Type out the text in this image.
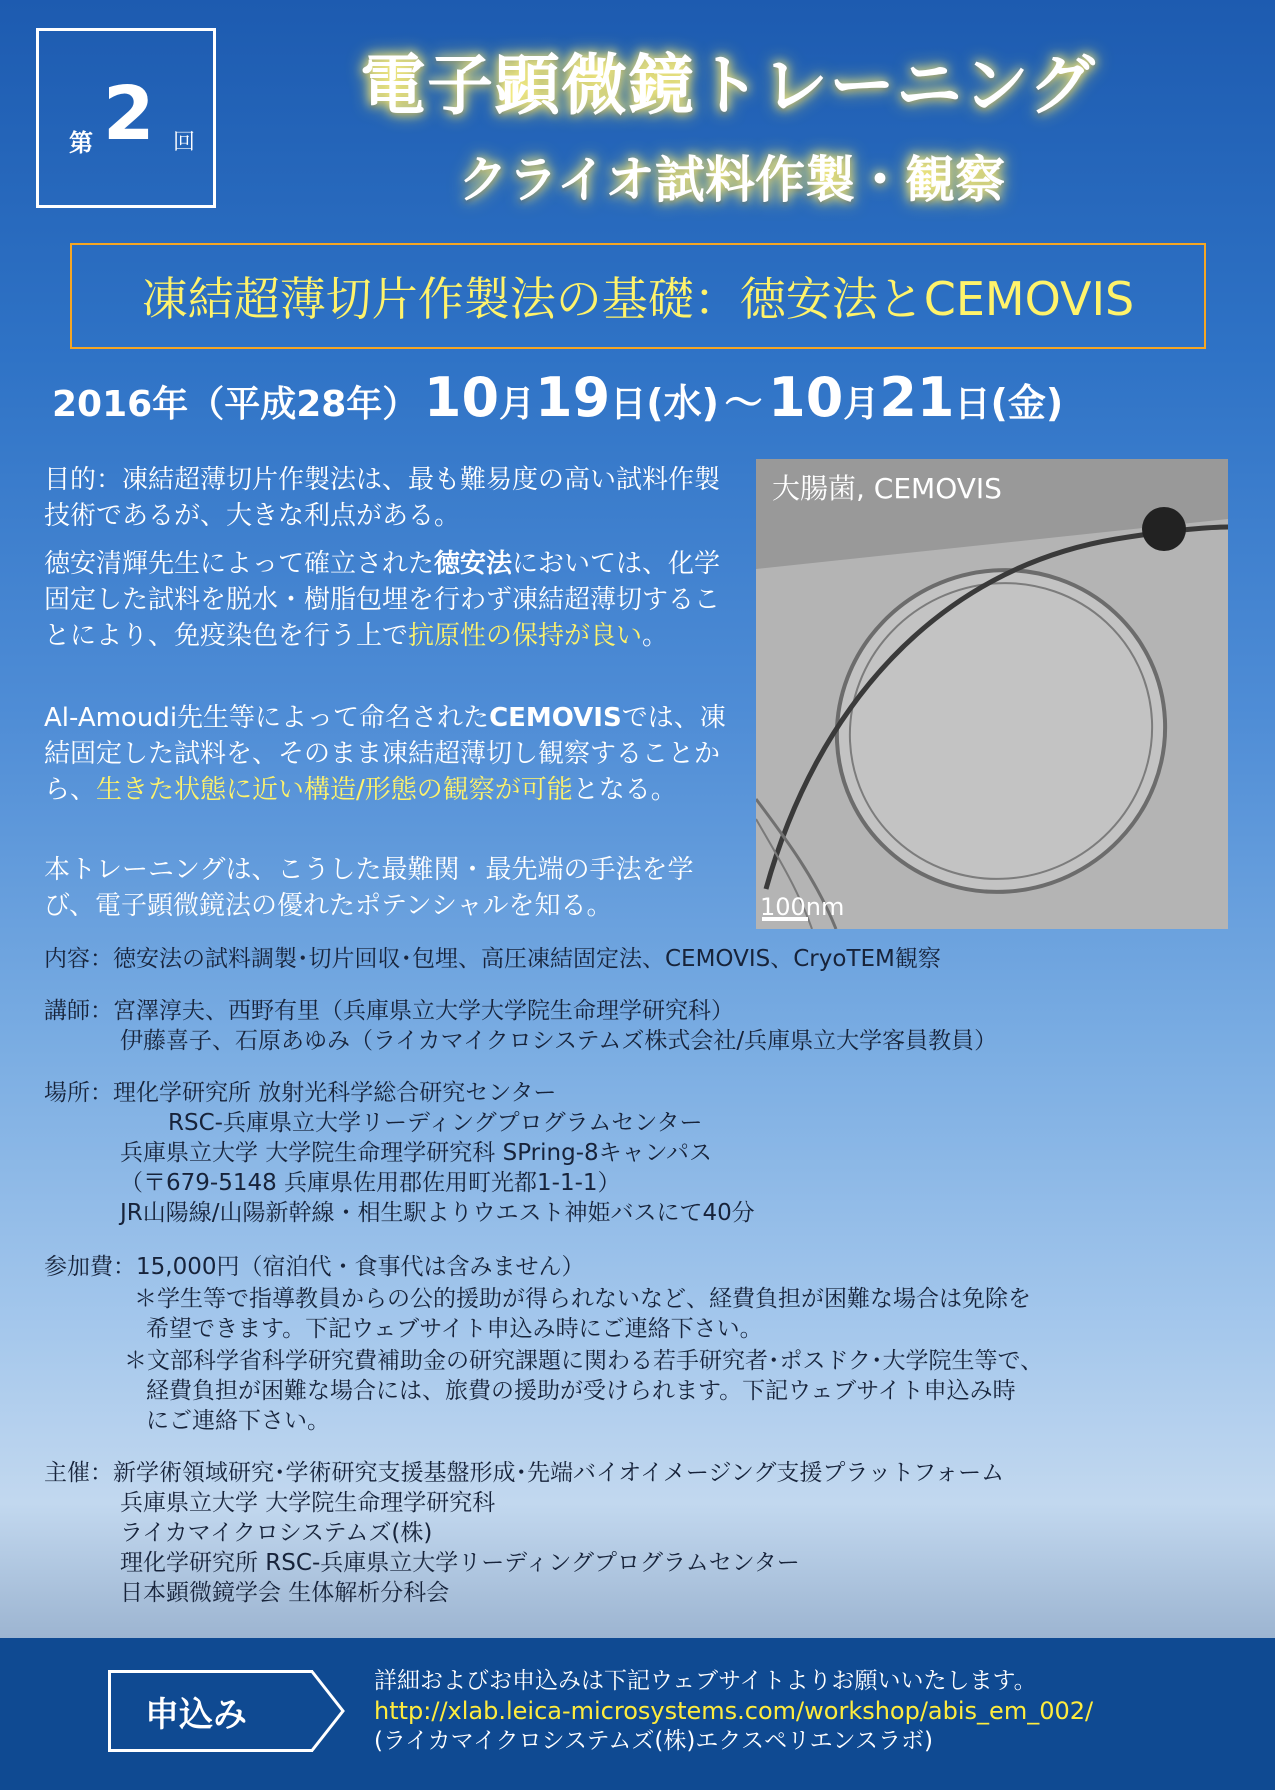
第 2 回
電子顕微鏡トレーニング
クライオ試料作製・観察
凍結超薄切片作製法の基礎：徳安法とCEMOVIS
2016年（平成28年） 10月19日(水) ～ 10月21日(金)
目的：凍結超薄切片作製法は、最も難易度の高い試料作製技術であるが、大きな利点がある。
徳安清輝先生によって確立された徳安法においては、化学固定した試料を脱水・樹脂包埋を行わず凍結超薄切することにより、免疫染色を行う上で抗原性の保持が良い。
Al-Amoudi先生等によって命名されたCEMOVISでは、凍結固定した試料を、そのまま凍結超薄切し観察することから、生きた状態に近い構造/形態の観察が可能となる。
本トレーニングは、こうした最難関・最先端の手法を学び、電子顕微鏡法の優れたポテンシャルを知る。
大腸菌, CEMOVIS
100nm
内容：徳安法の試料調製･切片回収･包埋、高圧凍結固定法、CEMOVIS、CryoTEM観察
講師：宮澤淳夫、西野有里（兵庫県立大学大学院生命理学研究科）
伊藤喜子、石原あゆみ（ライカマイクロシステムズ株式会社/兵庫県立大学客員教員）
場所：理化学研究所 放射光科学総合研究センター
RSC-兵庫県立大学リーディングプログラムセンター
兵庫県立大学 大学院生命理学研究科 SPring-8キャンパス
（〒679-5148 兵庫県佐用郡佐用町光都1-1-1）
JR山陽線/山陽新幹線・相生駅よりウエスト神姫バスにて40分
参加費：15,000円（宿泊代・食事代は含みません）
＊学生等で指導教員からの公的援助が得られないなど、経費負担が困難な場合は免除を
希望できます。下記ウェブサイト申込み時にご連絡下さい。
＊文部科学省科学研究費補助金の研究課題に関わる若手研究者･ポスドク･大学院生等で、
経費負担が困難な場合には、旅費の援助が受けられます。下記ウェブサイト申込み時
にご連絡下さい。
主催：新学術領域研究･学術研究支援基盤形成･先端バイオイメージング支援プラットフォーム
兵庫県立大学 大学院生命理学研究科
ライカマイクロシステムズ(株)
理化学研究所 RSC-兵庫県立大学リーディングプログラムセンター
日本顕微鏡学会 生体解析分科会
申込み
詳細およびお申込みは下記ウェブサイトよりお願いいたします。
http://xlab.leica-microsystems.com/workshop/abis_em_002/
(ライカマイクロシステムズ(株)エクスペリエンスラボ)
